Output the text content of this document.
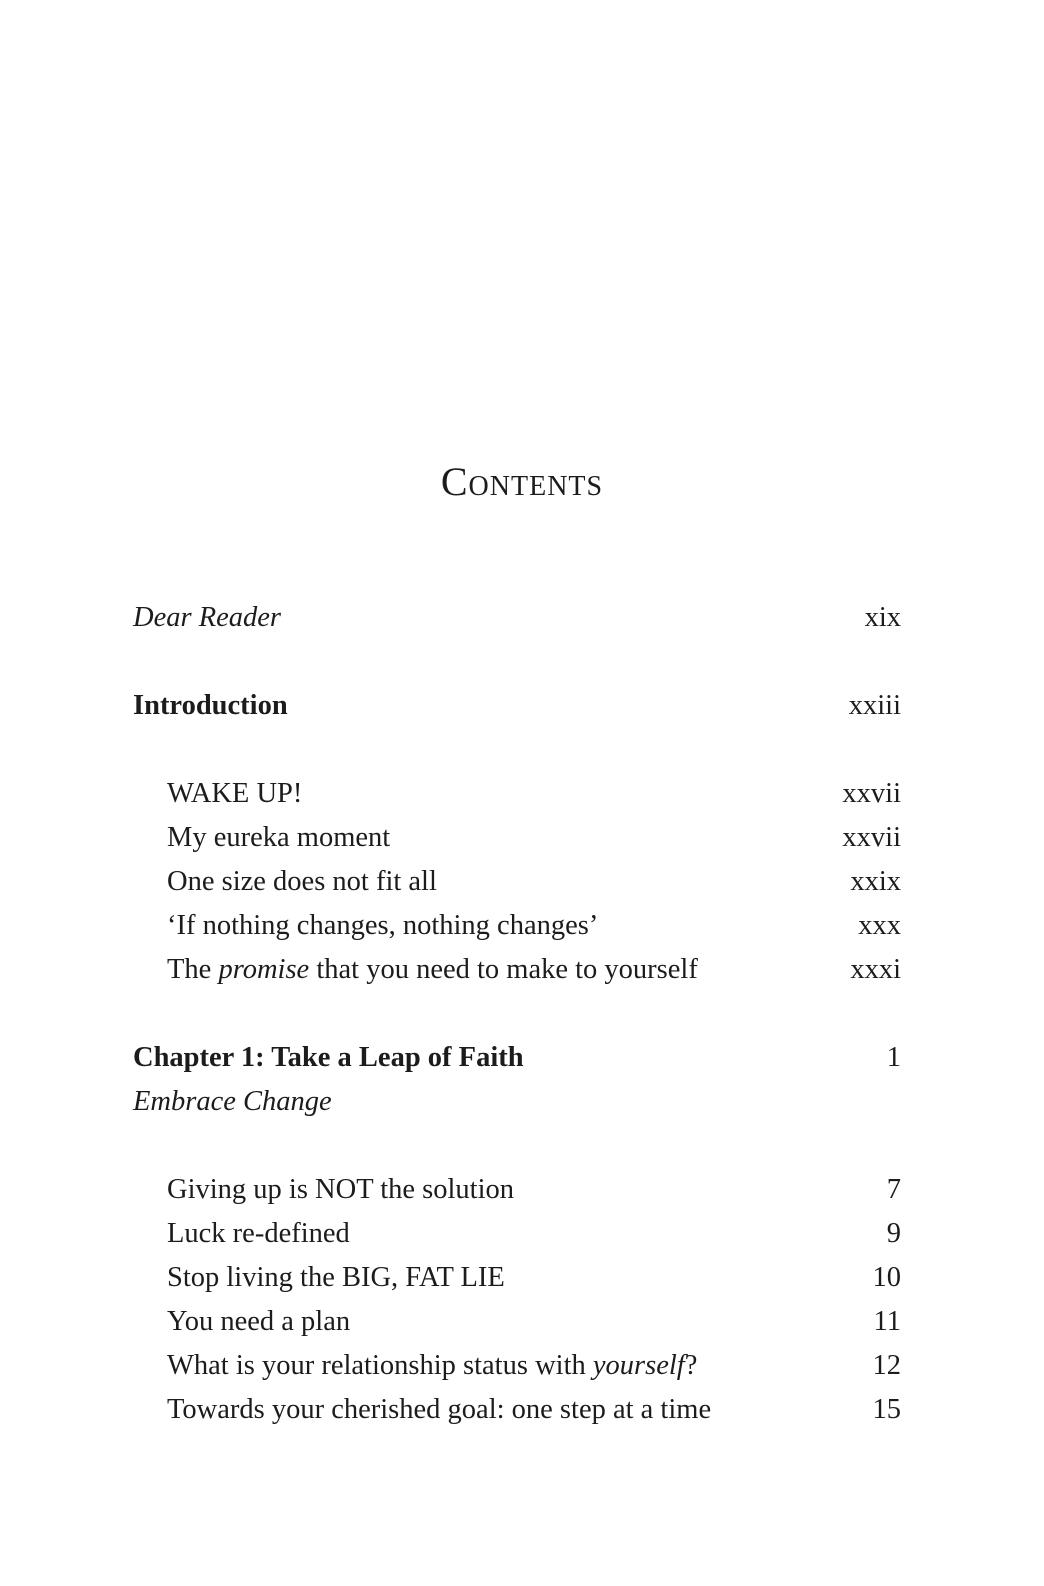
Contents
Dear Reader	xix
Introduction	xxiii
WAKE UP!	xxvii
My eureka moment	xxvii
One size does not fit all	xxix
‘If nothing changes, nothing changes’	xxx
The promise that you need to make to yourself	xxxi
Chapter 1: Take a Leap of Faith	1
Embrace Change
Giving up is NOT the solution	7
Luck re-defined	9
Stop living the BIG, FAT LIE	10
You need a plan	11
What is your relationship status with yourself?	12
Towards your cherished goal: one step at a time	15
